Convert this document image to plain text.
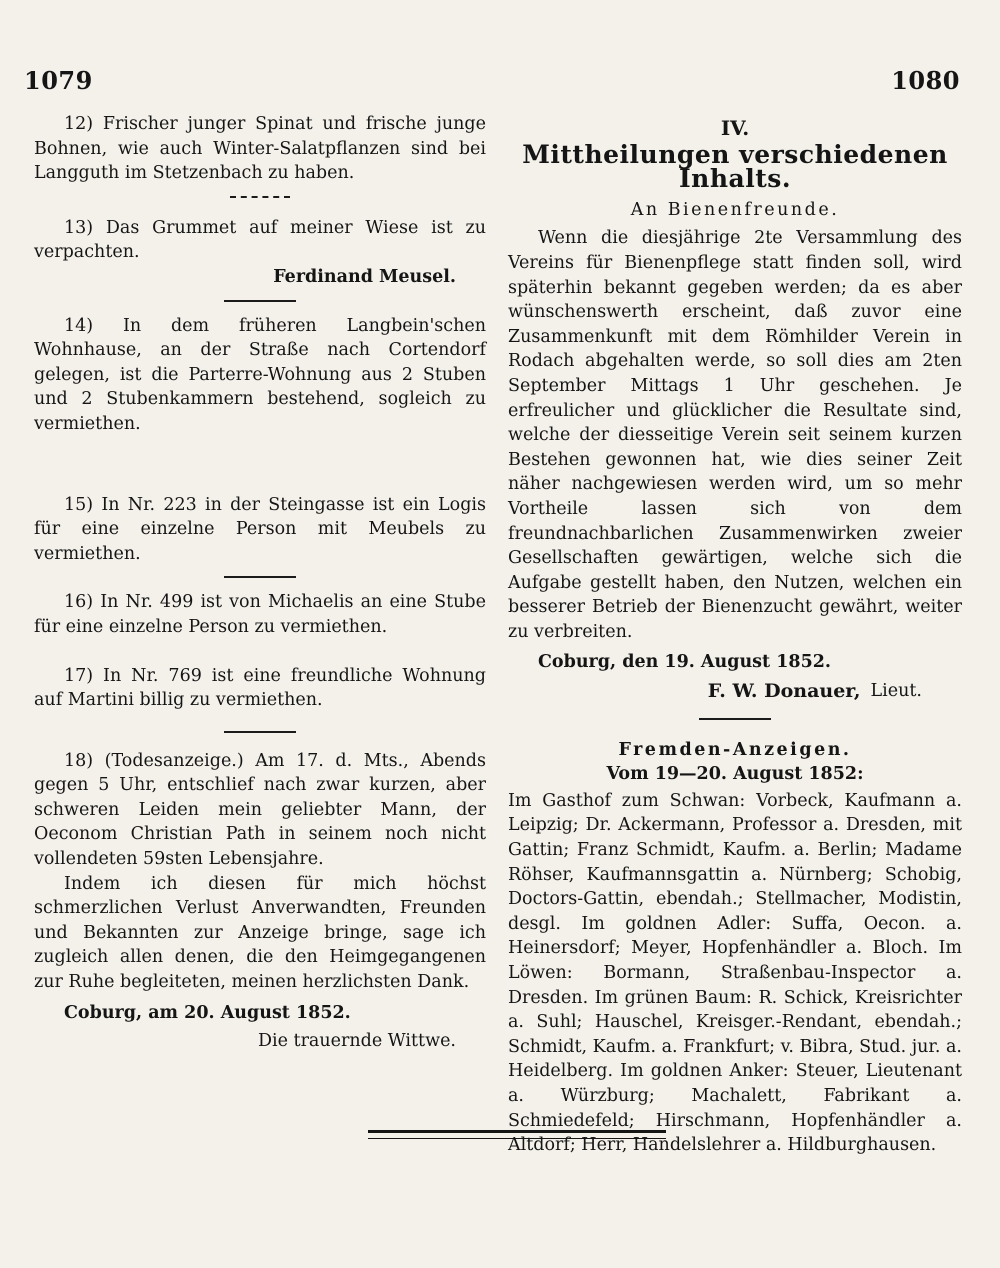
1079	1080

12) Frischer junger Spinat und frische junge Bohnen, wie auch Winter-Salatpflanzen sind bei Langguth im Stetzenbach zu haben.

13) Das Grummet auf meiner Wiese ist zu verpachten.

Ferdinand Meusel.

14) In dem früheren Langbein'schen Wohnhause, an der Straße nach Cortendorf gelegen, ist die Parterre-Wohnung aus 2 Stuben und 2 Stubenkammern bestehend, sogleich zu vermiethen.

15) In Nr. 223 in der Steingasse ist ein Logis für eine einzelne Person mit Meubels zu vermiethen.

16) In Nr. 499 ist von Michaelis an eine Stube für eine einzelne Person zu vermiethen.

17) In Nr. 769 ist eine freundliche Wohnung auf Martini billig zu vermiethen.

18) (Todesanzeige.) Am 17. d. Mts., Abends gegen 5 Uhr, entschlief nach zwar kurzen, aber schweren Leiden mein geliebter Mann, der Oeconom Christian Path in seinem noch nicht vollendeten 59sten Lebensjahre.

Indem ich diesen für mich höchst schmerzlichen Verlust Anverwandten, Freunden und Bekannten zur Anzeige bringe, sage ich zugleich allen denen, die den Heimgegangenen zur Ruhe begleiteten, meinen herzlichsten Dank.

Coburg, am 20. August 1852.

Die trauernde Wittwe.

IV.
Mittheilungen verschiedenen Inhalts.
An Bienenfreunde.

Wenn die diesjährige 2te Versammlung des Vereins für Bienenpflege statt finden soll, wird späterhin bekannt gegeben werden; da es aber wünschenswerth erscheint, daß zuvor eine Zusammenkunft mit dem Römhilder Verein in Rodach abgehalten werde, so soll dies am 2ten September Mittags 1 Uhr geschehen. Je erfreulicher und glücklicher die Resultate sind, welche der diesseitige Verein seit seinem kurzen Bestehen gewonnen hat, wie dies seiner Zeit näher nachgewiesen werden wird, um so mehr Vortheile lassen sich von dem freundnachbarlichen Zusammenwirken zweier Gesellschaften gewärtigen, welche sich die Aufgabe gestellt haben, den Nutzen, welchen ein besserer Betrieb der Bienenzucht gewährt, weiter zu verbreiten.

Coburg, den 19. August 1852.

F. W. Donauer, Lieut.
Fremden-Anzeigen.
Vom 19—20. August 1852:

Im Gasthof zum Schwan: Vorbeck, Kaufmann a. Leipzig; Dr. Ackermann, Professor a. Dresden, mit Gattin; Franz Schmidt, Kaufm. a. Berlin; Madame Röhser, Kaufmannsgattin a. Nürnberg; Schobig, Doctors-Gattin, ebendah.; Stellmacher, Modistin, desgl. Im goldnen Adler: Suffa, Oecon. a. Heinersdorf; Meyer, Hopfenhändler a. Bloch. Im Löwen: Bormann, Straßenbau-Inspector a. Dresden. Im grünen Baum: R. Schick, Kreisrichter a. Suhl; Hauschel, Kreisger.-Rendant, ebendah.; Schmidt, Kaufm. a. Frankfurt; v. Bibra, Stud. jur. a. Heidelberg. Im goldnen Anker: Steuer, Lieutenant a. Würzburg; Machalett, Fabrikant a. Schmiedefeld; Hirschmann, Hopfenhändler a. Altdorf; Herr, Handelslehrer a. Hildburghausen.
